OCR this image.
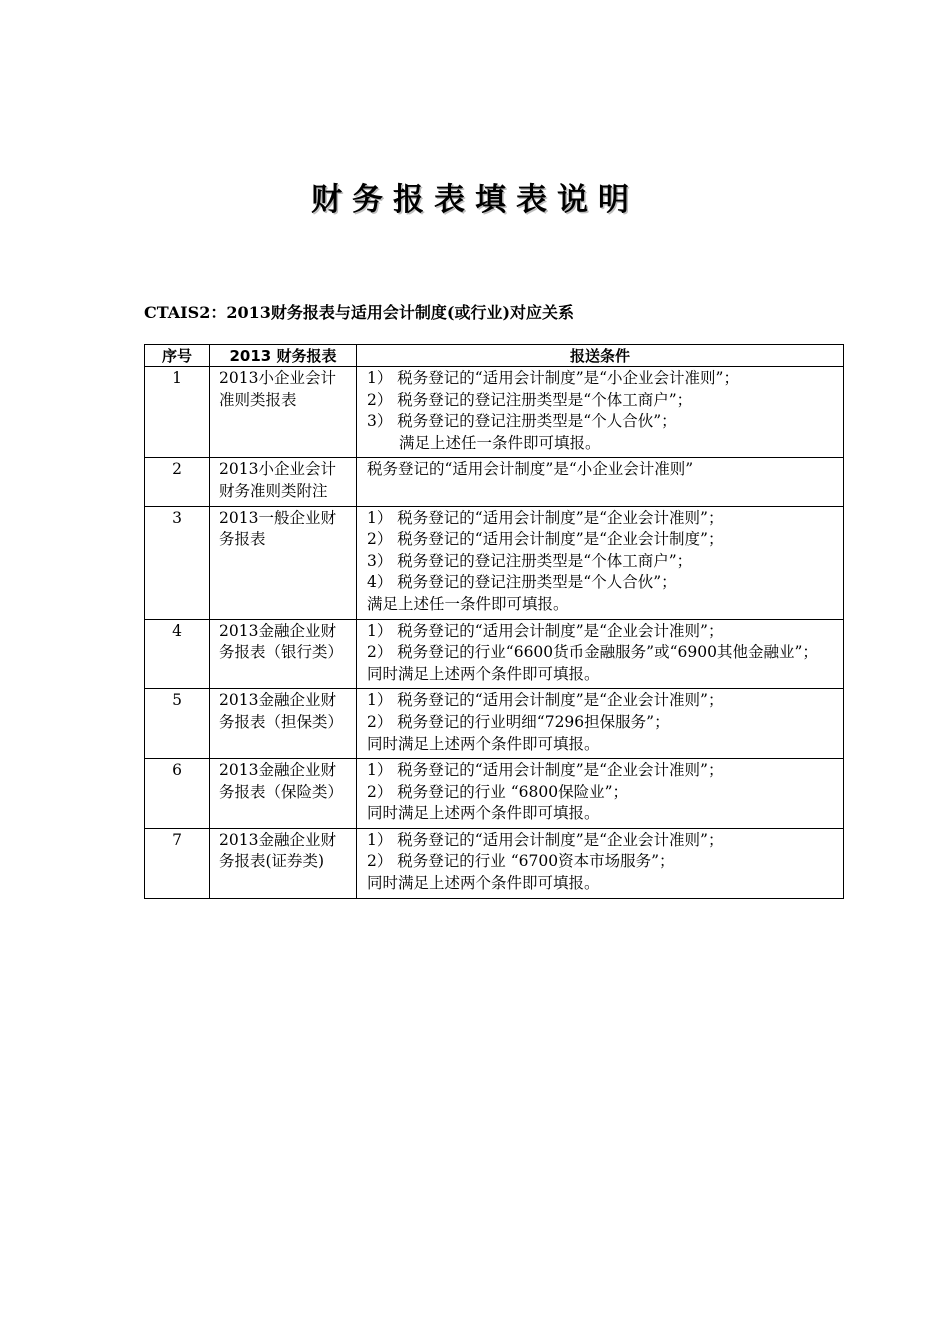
财务报表填表说明
CTAIS2：2013财务报表与适用会计制度(或行业)对应关系
序号	2013 财务报表	报送条件
1	2013小企业会计准则类报表	1） 税务登记的“适用会计制度”是“小企业会计准则”；
2） 税务登记的登记注册类型是“个体工商户”；
3） 税务登记的登记注册类型是“个人合伙”；
满足上述任一条件即可填报。

2	2013小企业会计财务准则类附注	税务登记的“适用会计制度”是“小企业会计准则”

3	2013一般企业财务报表	1） 税务登记的“适用会计制度”是“企业会计准则”；
2） 税务登记的“适用会计制度”是“企业会计制度”；
3） 税务登记的登记注册类型是“个体工商户”；
4） 税务登记的登记注册类型是“个人合伙”；
满足上述任一条件即可填报。

4	2013金融企业财务报表（银行类）	1） 税务登记的“适用会计制度”是“企业会计准则”；
2） 税务登记的行业“6600货币金融服务”或“6900其他金融业”；
同时满足上述两个条件即可填报。

5	2013金融企业财务报表（担保类）	1） 税务登记的“适用会计制度”是“企业会计准则”；
2） 税务登记的行业明细“7296担保服务”；
同时满足上述两个条件即可填报。

6	2013金融企业财务报表（保险类）	1） 税务登记的“适用会计制度”是“企业会计准则”；
2） 税务登记的行业 “6800保险业”；
同时满足上述两个条件即可填报。

7	2013金融企业财务报表(证券类)	1） 税务登记的“适用会计制度”是“企业会计准则”；
2） 税务登记的行业 “6700资本市场服务”；
同时满足上述两个条件即可填报。
